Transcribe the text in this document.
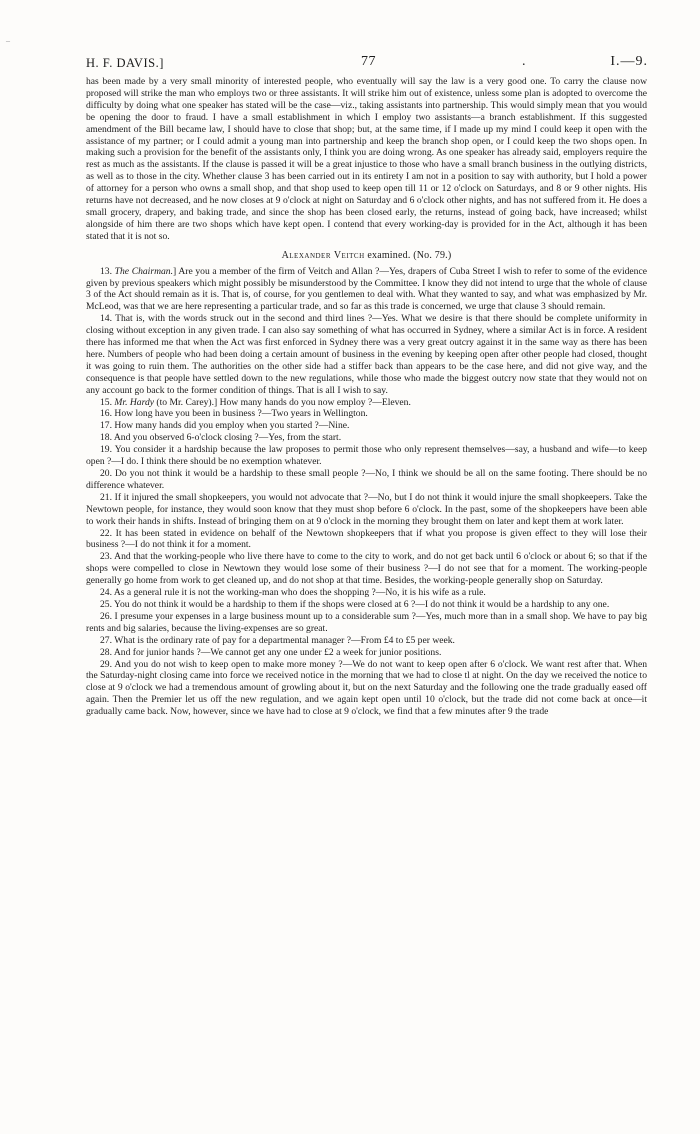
–
H. F. DAVIS.]	77	.	I.—9.

has been made by a very small minority of interested people, who eventually will say the law is a very good one. To carry the clause now proposed will strike the man who employs two or three assistants. It will strike him out of existence, unless some plan is adopted to overcome the difficulty by doing what one speaker has stated will be the case—viz., taking assistants into partnership. This would simply mean that you would be opening the door to fraud. I have a small establishment in which I employ two assistants—a branch establishment. If this suggested amendment of the Bill became law, I should have to close that shop; but, at the same time, if I made up my mind I could keep it open with the assistance of my partner; or I could admit a young man into partnership and keep the branch shop open, or I could keep the two shops open. In making such a provision for the benefit of the assistants only, I think you are doing wrong. As one speaker has already said, employers require the rest as much as the assistants. If the clause is passed it will be a great injustice to those who have a small branch business in the outlying districts, as well as to those in the city. Whether clause 3 has been carried out in its entirety I am not in a position to say with authority, but I hold a power of attorney for a person who owns a small shop, and that shop used to keep open till 11 or 12 o'clock on Saturdays, and 8 or 9 other nights. His returns have not decreased, and he now closes at 9 o'clock at night on Saturday and 6 o'clock other nights, and has not suffered from it. He does a small grocery, drapery, and baking trade, and since the shop has been closed early, the returns, instead of going back, have increased; whilst alongside of him there are two shops which have kept open. I contend that every working-day is provided for in the Act, although it has been stated that it is not so.

Alexander Veitch examined. (No. 79.)

13. The Chairman.] Are you a member of the firm of Veitch and Allan ?—Yes, drapers of Cuba Street I wish to refer to some of the evidence given by previous speakers which might possibly be misunderstood by the Committee. I know they did not intend to urge that the whole of clause 3 of the Act should remain as it is. That is, of course, for you gentlemen to deal with. What they wanted to say, and what was emphasized by Mr. McLeod, was that we are here representing a particular trade, and so far as this trade is concerned, we urge that clause 3 should remain.

14. That is, with the words struck out in the second and third lines ?—Yes. What we desire is that there should be complete uniformity in closing without exception in any given trade. I can also say something of what has occurred in Sydney, where a similar Act is in force. A resident there has informed me that when the Act was first enforced in Sydney there was a very great outcry against it in the same way as there has been here. Numbers of people who had been doing a certain amount of business in the evening by keeping open after other people had closed, thought it was going to ruin them. The authorities on the other side had a stiffer back than appears to be the case here, and did not give way, and the consequence is that people have settled down to the new regulations, while those who made the biggest outcry now state that they would not on any account go back to the former condition of things. That is all I wish to say.

15. Mr. Hardy (to Mr. Carey).] How many hands do you now employ ?—Eleven.

16. How long have you been in business ?—Two years in Wellington.

17. How many hands did you employ when you started ?—Nine.

18. And you observed 6-o'clock closing ?—Yes, from the start.

19. You consider it a hardship because the law proposes to permit those who only represent themselves—say, a husband and wife—to keep open ?—I do. I think there should be no exemption whatever.

20. Do you not think it would be a hardship to these small people ?—No, I think we should be all on the same footing. There should be no difference whatever.

21. If it injured the small shopkeepers, you would not advocate that ?—No, but I do not think it would injure the small shopkeepers. Take the Newtown people, for instance, they would soon know that they must shop before 6 o'clock. In the past, some of the shopkeepers have been able to work their hands in shifts. Instead of bringing them on at 9 o'clock in the morning they brought them on later and kept them at work later.

22. It has been stated in evidence on behalf of the Newtown shopkeepers that if what you propose is given effect to they will lose their business ?—I do not think it for a moment.

23. And that the working-people who live there have to come to the city to work, and do not get back until 6 o'clock or about 6; so that if the shops were compelled to close in Newtown they would lose some of their business ?—I do not see that for a moment. The working-people generally go home from work to get cleaned up, and do not shop at that time. Besides, the working-people generally shop on Saturday.

24. As a general rule it is not the working-man who does the shopping ?—No, it is his wife as a rule.

25. You do not think it would be a hardship to them if the shops were closed at 6 ?—I do not think it would be a hardship to any one.

26. I presume your expenses in a large business mount up to a considerable sum ?—Yes, much more than in a small shop. We have to pay big rents and big salaries, because the living-expenses are so great.

27. What is the ordinary rate of pay for a departmental manager ?—From £4 to £5 per week.

28. And for junior hands ?—We cannot get any one under £2 a week for junior positions.

29. And you do not wish to keep open to make more money ?—We do not want to keep open after 6 o'clock. We want rest after that. When the Saturday-night closing came into force we received notice in the morning that we had to close tl at night. On the day we received the notice to close at 9 o'clock we had a tremendous amount of growling about it, but on the next Saturday and the following one the trade gradually eased off again. Then the Premier let us off the new regulation, and we again kept open until 10 o'clock, but the trade did not come back at once—it gradually came back. Now, however, since we have had to close at 9 o'clock, we find that a few minutes after 9 the trade
